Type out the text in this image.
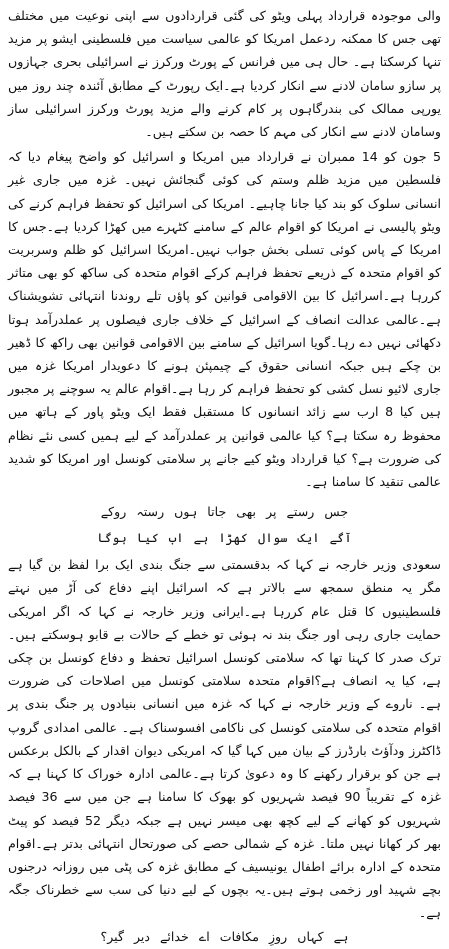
والی موجودہ قرارداد پہلی ویٹو کی گئی قراردادوں سے اپنی نوعیت میں مختلف تھی جس کا ممکنہ ردعمل امریکا کو عالمی سیاست میں فلسطینی ایشو پر مزید تنہا کرسکتا ہے۔ حال ہی میں فرانس کے پورٹ ورکرز نے اسرائیلی بحری جہازوں پر سازو سامان لادنے سے انکار کردیا ہے۔ایک رپورٹ کے مطابق آئندہ چند روز میں یورپی ممالک کی بندرگاہوں پر کام کرنے والے مزید پورٹ ورکرز اسرائیلی ساز وسامان لادنے سے انکار کی مہم کا حصہ بن سکتے ہیں۔

5 جون کو 14 ممبران نے قرارداد میں امریکا و اسرائیل کو واضح پیغام دیا کہ فلسطین میں مزید ظلم وستم کی کوئی گنجائش نہیں۔ غزہ میں جاری غیر انسانی سلوک کو بند کیا جانا چاہیے۔ امریکا کی اسرائیل کو تحفظ فراہم کرنے کی ویٹو پالیسی نے امریکا کو اقوام عالم کے سامنے کٹہرے میں کھڑا کردیا ہے۔جس کا امریکا کے پاس کوئی تسلی بخش جواب نہیں۔امریکا اسرائیل کو ظلم وسربریت کو اقوام متحدہ کے ذریعے تحفظ فراہم کرکے اقوام متحدہ کی ساکھ کو بھی متاثر کررہا ہے۔اسرائیل کا بین الاقوامی قوانین کو پاؤں تلے روندنا انتہائی تشویشناک ہے۔عالمی عدالت انصاف کے اسرائیل کے خلاف جاری فیصلوں پر عملدرآمد ہوتا دکھائی نہیں دے رہا۔گویا اسرائیل کے سامنے بین الاقوامی قوانین بھی راکھ کا ڈھیر بن چکے ہیں جبکہ انسانی حقوق کے چیمپئن ہونے کا دعویدار امریکا غزہ میں جاری لائیو نسل کشی کو تحفظ فراہم کر رہا ہے۔اقوام عالم یہ سوچنے پر مجبور ہیں کیا 8 ارب سے زائد انسانوں کا مستقبل فقط ایک ویٹو پاور کے ہاتھ میں محفوظ رہ سکتا ہے؟ کیا عالمی قوانین پر عملدرآمد کے لیے ہمیں کسی نئے نظام کی ضرورت ہے؟ کیا قرارداد ویٹو کیے جانے پر سلامتی کونسل اور امریکا کو شدید عالمی تنقید کا سامنا ہے۔

جس رستے پر بھی جاتا ہوں رستہ روکے
آگے ایک سوال کھڑا ہے اب کیا ہوگا

سعودی وزیر خارجہ نے کہا کہ بدقسمتی سے جنگ بندی ایک برا لفظ بن گیا ہے مگر یہ منطق سمجھ سے بالاتر ہے کہ اسرائیل اپنے دفاع کی آڑ میں نہتے فلسطینیوں کا قتل عام کررہا ہے۔ایرانی وزیر خارجہ نے کہا کہ اگر امریکی حمایت جاری رہی اور جنگ بند نہ ہوئی تو خطے کے حالات بے قابو ہوسکتے ہیں۔ترک صدر کا کہنا تھا کہ سلامتی کونسل اسرائیل تحفظ و دفاع کونسل بن چکی ہے، کیا یہ انصاف ہے؟اقوام متحدہ سلامتی کونسل میں اصلاحات کی ضرورت ہے۔ ناروے کے وزیر خارجہ نے کہا کہ غزہ میں انسانی بنیادوں پر جنگ بندی پر اقوام متحدہ کی سلامتی کونسل کی ناکامی افسوسناک ہے۔ عالمی امدادی گروپ ڈاکٹرز ودآؤٹ بارڈرز کے بیان میں کہا گیا کہ امریکی دیوان اقدار کے بالکل برعکس ہے جن کو برقرار رکھنے کا وہ دعویٰ کرتا ہے۔عالمی ادارہ خوراک کا کہنا ہے کہ غزہ کے تقریباً 90 فیصد شہریوں کو بھوک کا سامنا ہے جن میں سے 36 فیصد شہریوں کو کھانے کے لیے کچھ بھی میسر نہیں ہے جبکہ دیگر 52 فیصد کو پیٹ بھر کر کھانا نہیں ملتا۔ غزہ کے شمالی حصے کی صورتحال انتہائی بدتر ہے۔اقوام متحدہ کے ادارہ برائے اطفال یونیسیف کے مطابق غزہ کی پٹی میں روزانہ درجنوں بچے شہید اور زخمی ہوتے ہیں۔یہ بچوں کے لیے دنیا کی سب سے خطرناک جگہ ہے۔

ہے کہاں روزِ مکافات اے خدائے دیر گیر؟
